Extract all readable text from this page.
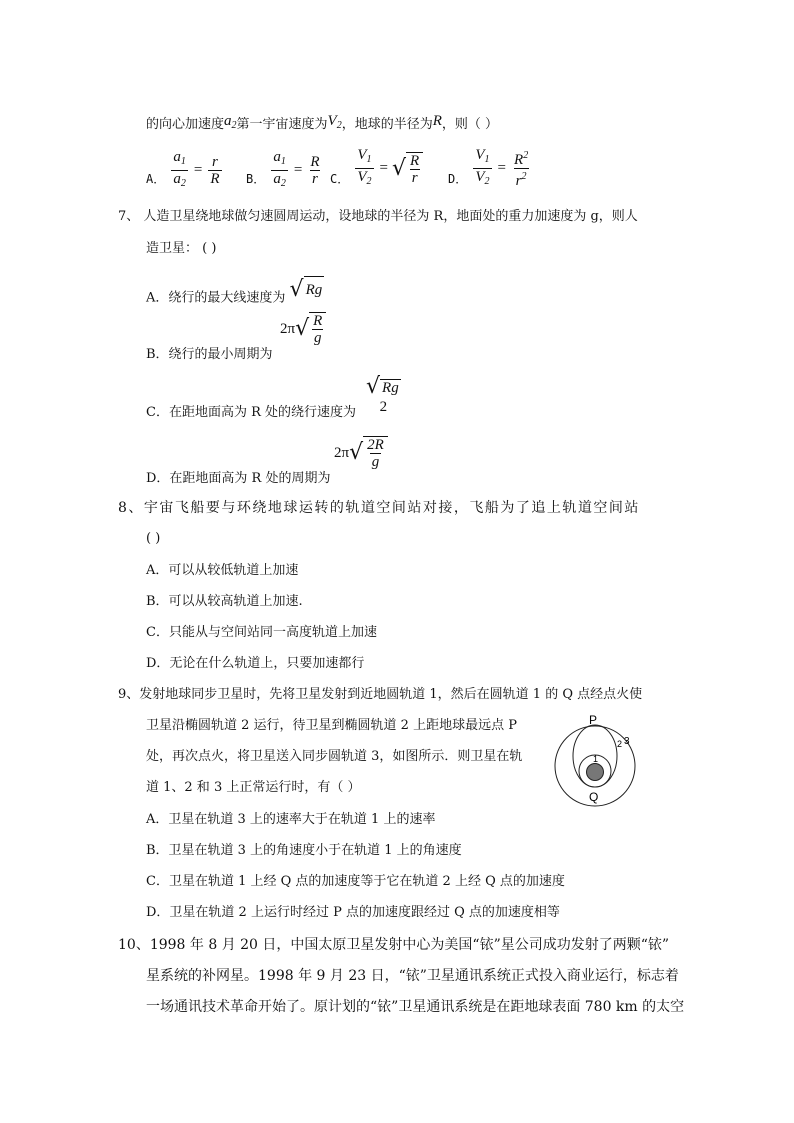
的向心加速度$a_2$第一宇宙速度为$V_2$，地球的半径为R，则（ ）
A． $\frac{a_1}{a_2} = \frac{r}{R}$ B． $\frac{a_1}{a_2} = \frac{R}{r}$ C． $\frac{V_1}{V_2}$ = √ $\frac{R}{r}$ D． $\frac{V_1}{V_2} = \frac{R^2}{r^2}$
7、 人造卫星绕地球做匀速圆周运动，设地球的半径为 R，地面处的重力加速度为 g，则人
造卫星： ( )
A．绕行的最大线速度为 √ Rg
2π √ $\frac{R}{g}$
B．绕行的最小周期为
√ Rg
2
C．在距地面高为 R 处的绕行速度为
2π √ $\frac{2R}{g}$
D．在距地面高为 R 处的周期为
8、宇宙飞船要与环绕地球运转的轨道空间站对接，飞船为了追上轨道空间站
( )
A．可以从较低轨道上加速
B．可以从较高轨道上加速.
C．只能从与空间站同一高度轨道上加速
D．无论在什么轨道上，只要加速都行
9、发射地球同步卫星时，先将卫星发射到近地圆轨道 1，然后在圆轨道 1 的 Q 点经点火使
卫星沿椭圆轨道 2 运行，待卫星到椭圆轨道 2 上距地球最远点 P
处，再次点火，将卫星送入同步圆轨道 3，如图所示．则卫星在轨
道 1、2 和 3 上正常运行时，有（ ）
P
Q
1
2 3
A．卫星在轨道 3 上的速率大于在轨道 1 上的速率
B．卫星在轨道 3 上的角速度小于在轨道 1 上的角速度
C．卫星在轨道 1 上经 Q 点的加速度等于它在轨道 2 上经 Q 点的加速度
D．卫星在轨道 2 上运行时经过 P 点的加速度跟经过 Q 点的加速度相等
10、1998 年 8 月 20 日，中国太原卫星发射中心为美国“铱”星公司成功发射了两颗“铱”
星系统的补网星。1998 年 9 月 23 日，“铱”卫星通讯系统正式投入商业运行，标志着
一场通讯技术革命开始了。原计划的“铱”卫星通讯系统是在距地球表面 780 km 的太空
